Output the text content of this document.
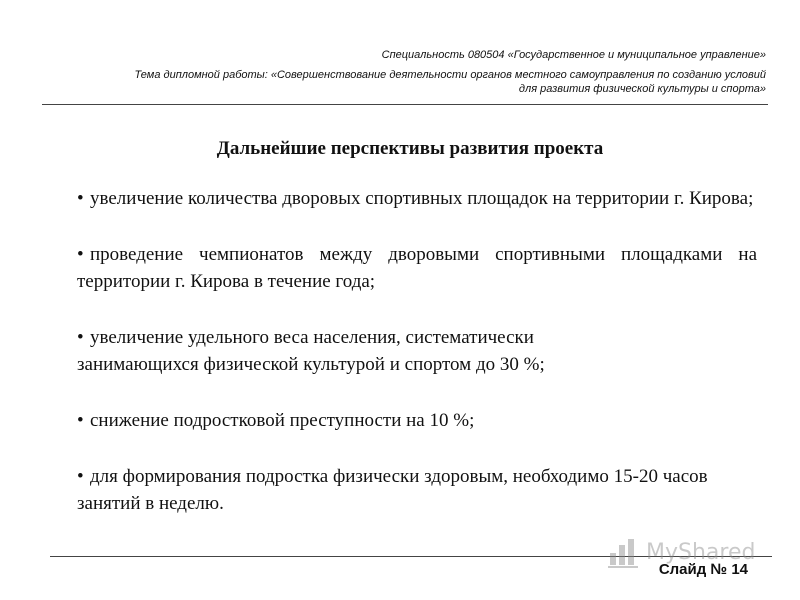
Специальность 080504 «Государственное и муниципальное управление»
Тема дипломной работы: «Совершенствование деятельности органов местного самоуправления по созданию условий
для развития физической культуры и спорта»
Дальнейшие перспективы развития проекта
• увеличение количества дворовых спортивных площадок на территории г. Кирова;
• проведение чемпионатов между дворовыми спортивными площадками на территории г. Кирова в течение года;
• увеличение удельного веса населения, систематически занимающихся физической культурой и спортом до 30 %;
• снижение подростковой преступности на 10 %;
• для формирования подростка физически здоровым, необходимо 15-20 часов занятий в неделю.
MyShared
Слайд № 14
